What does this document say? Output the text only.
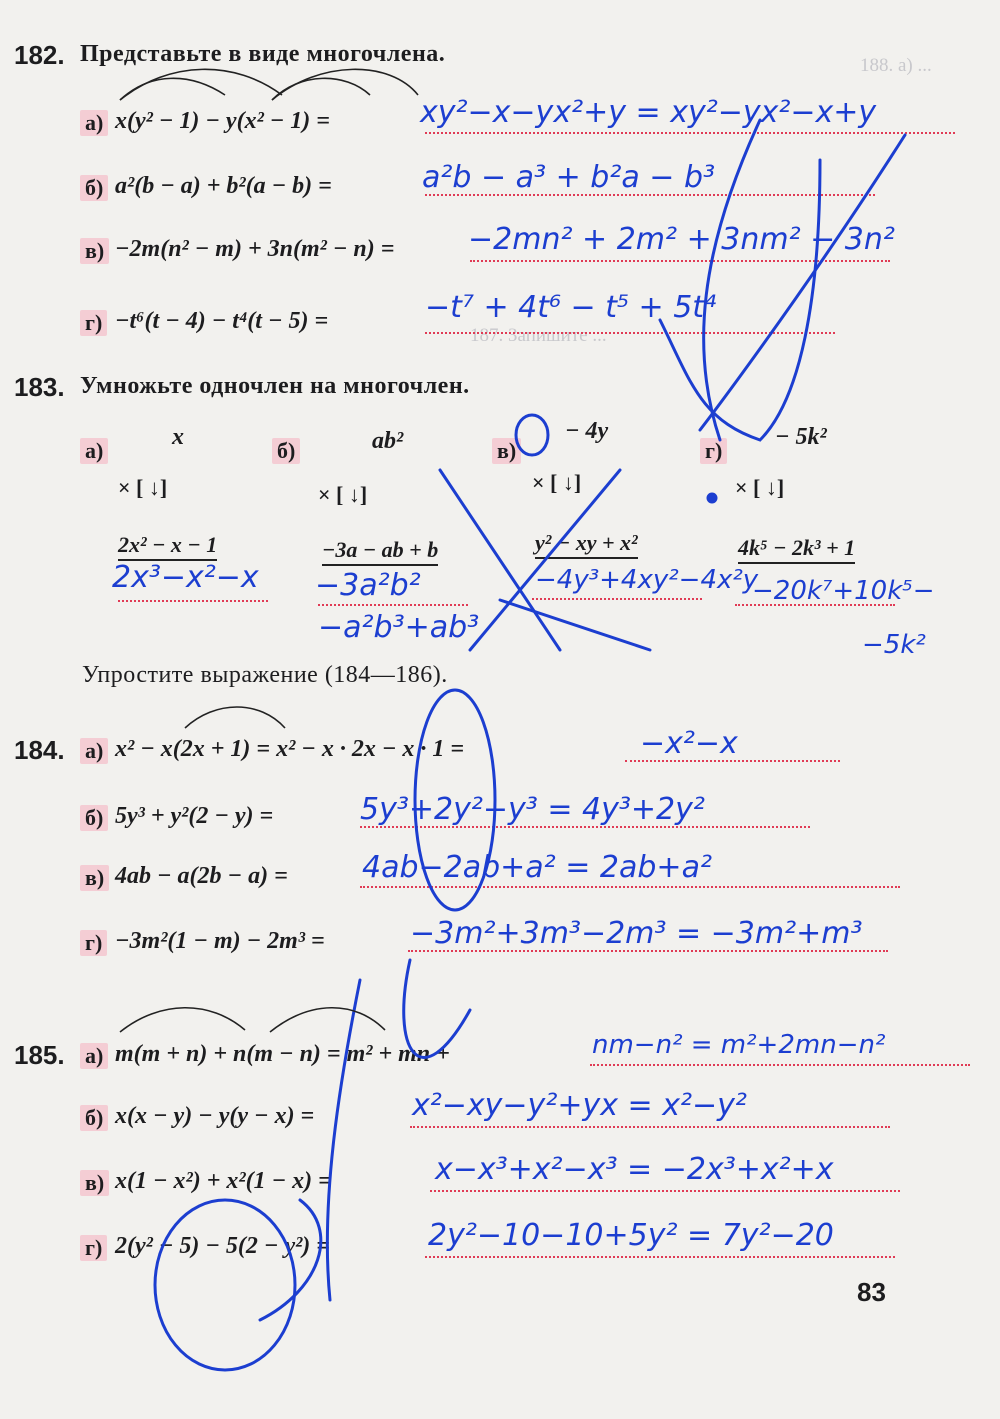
188. а) ...
187. Запишите ...
182. Представьте в виде многочлена.
а) x(y² − 1) − y(x² − 1) =	xy²−x−yx²+y = xy²−yx²−x+y
б) a²(b − a) + b²(a − b) =	a²b − a³ + b²a − b³
в) −2m(n² − m) + 3n(m² − n) = −2mn² + 2m² + 3nm² − 3n²
г) −t⁶(t − 4) − t⁴(t − 5) =	−t⁷ + 4t⁶ − t⁵ + 5t⁴
183. Умножьте одночлен на многочлен.
а)
x
× [ ↓]
2x² − x − 1
2x³−x²−x
б)	ab²
× [ ↓]
−3a − ab + b
−3a²b²
−a²b³+ab³
в)
− 4y
× [ ↓]
y² − xy + x²
−4y³+4xy²−4x²y
г)
− 5k²
× [ ↓]
4k⁵ − 2k³ + 1
−20k⁷+10k⁵−
−5k²
Упростите выражение (184—186).
184. а) x² − x(2x + 1) = x² − x · 2x − x · 1 =	−x²−x
б) 5y³ + y²(2 − y) =	5y³+2y²−y³ = 4y³+2y²
в) 4ab − a(2b − a) = 4ab−2ab+a² = 2ab+a²
г) −3m²(1 − m) − 2m³ =	−3m²+3m³−2m³ = −3m²+m³
185. а) m(m + n) + n(m − n) = m² + mn +	nm−n² = m²+2mn−n²
б) x(x − y) − y(y − x) =	x²−xy−y²+yx = x²−y²
в) x(1 − x²) + x²(1 − x) =	x−x³+x²−x³ = −2x³+x²+x
г) 2(y² − 5) − 5(2 − y²) =	2y²−10−10+5y² = 7y²−20
83
